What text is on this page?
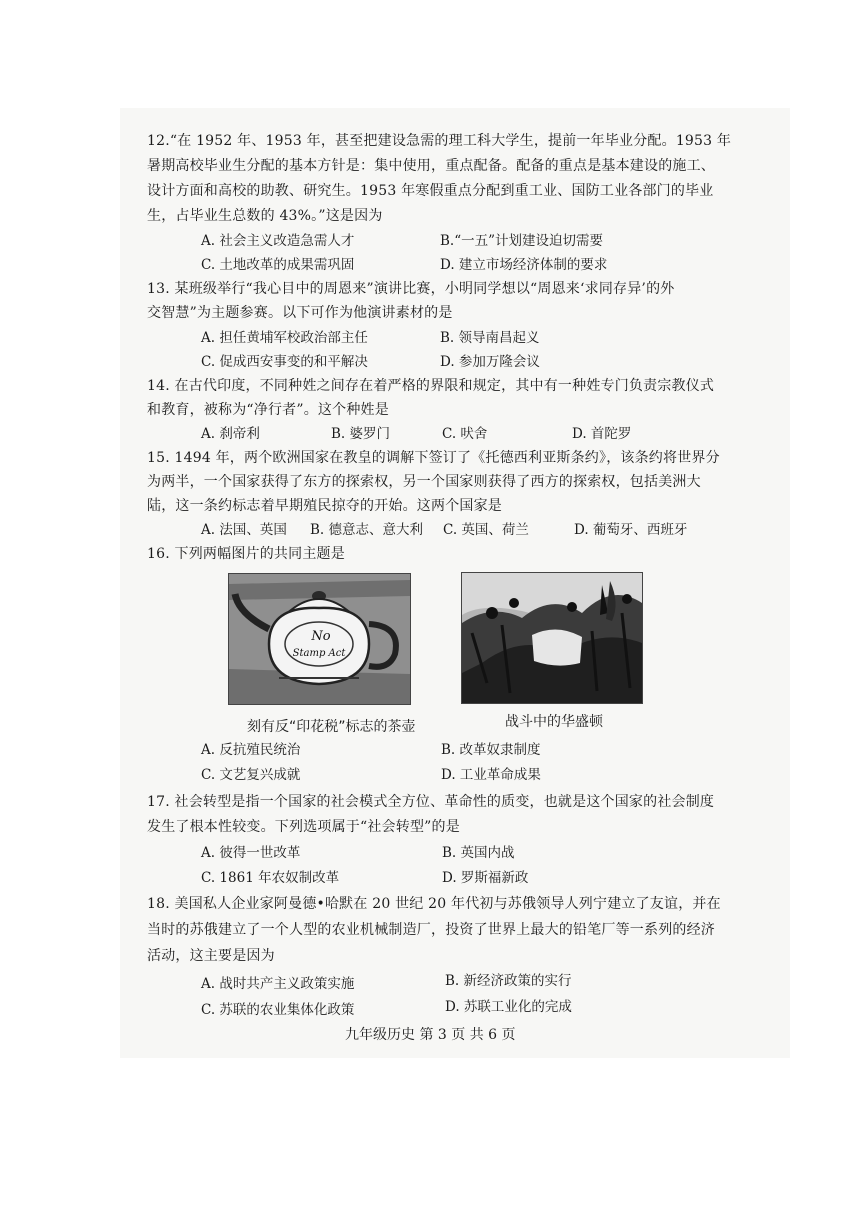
12.“在 1952 年、1953 年，甚至把建设急需的理工科大学生，提前一年毕业分配。1953 年
暑期高校毕业生分配的基本方针是：集中使用，重点配备。配备的重点是基本建设的施工、
设计方面和高校的助教、研究生。1953 年寒假重点分配到重工业、国防工业各部门的毕业
生，占毕业生总数的 43%。”这是因为
A. 社会主义改造急需人才	B.“一五”计划建设迫切需要
C. 土地改革的成果需巩固	D. 建立市场经济体制的要求
13. 某班级举行“我心目中的周恩来”演讲比赛，小明同学想以“周恩来‘求同存异’的外
交智慧”为主题参赛。以下可作为他演讲素材的是
A. 担任黄埔军校政治部主任	B. 领导南昌起义
C. 促成西安事变的和平解决	D. 参加万隆会议
14. 在古代印度，不同种姓之间存在着严格的界限和规定，其中有一种姓专门负责宗教仪式
和教育，被称为“净行者”。这个种姓是
A. 刹帝利	B. 婆罗门	C. 吠舍	D. 首陀罗
15. 1494 年，两个欧洲国家在教皇的调解下签订了《托德西利亚斯条约》，该条约将世界分
为两半，一个国家获得了东方的探索权，另一个国家则获得了西方的探索权，包括美洲大
陆，这一条约标志着早期殖民掠夺的开始。这两个国家是
A. 法国、英国 B. 德意志、意大利 C. 英国、荷兰	D. 葡萄牙、西班牙
16. 下列两幅图片的共同主题是
No
Stamp Act
刻有反“印花税”标志的茶壶	战斗中的华盛顿
A. 反抗殖民统治	B. 改革奴隶制度
C. 文艺复兴成就	D. 工业革命成果
17. 社会转型是指一个国家的社会模式全方位、革命性的质变，也就是这个国家的社会制度
发生了根本性较变。下列选项属于“社会转型”的是
A. 彼得一世改革	B. 英国内战
C. 1861 年农奴制改革	D. 罗斯福新政
18. 美国私人企业家阿曼德•哈默在 20 世纪 20 年代初与苏俄领导人列宁建立了友谊，并在
当时的苏俄建立了一个人型的农业机械制造厂，投资了世界上最大的铅笔厂等一系列的经济
活动，这主要是因为
A. 战时共产主义政策实施	B. 新经济政策的实行
C. 苏联的农业集体化政策	D. 苏联工业化的完成
九年级历史 第 3 页 共 6 页
